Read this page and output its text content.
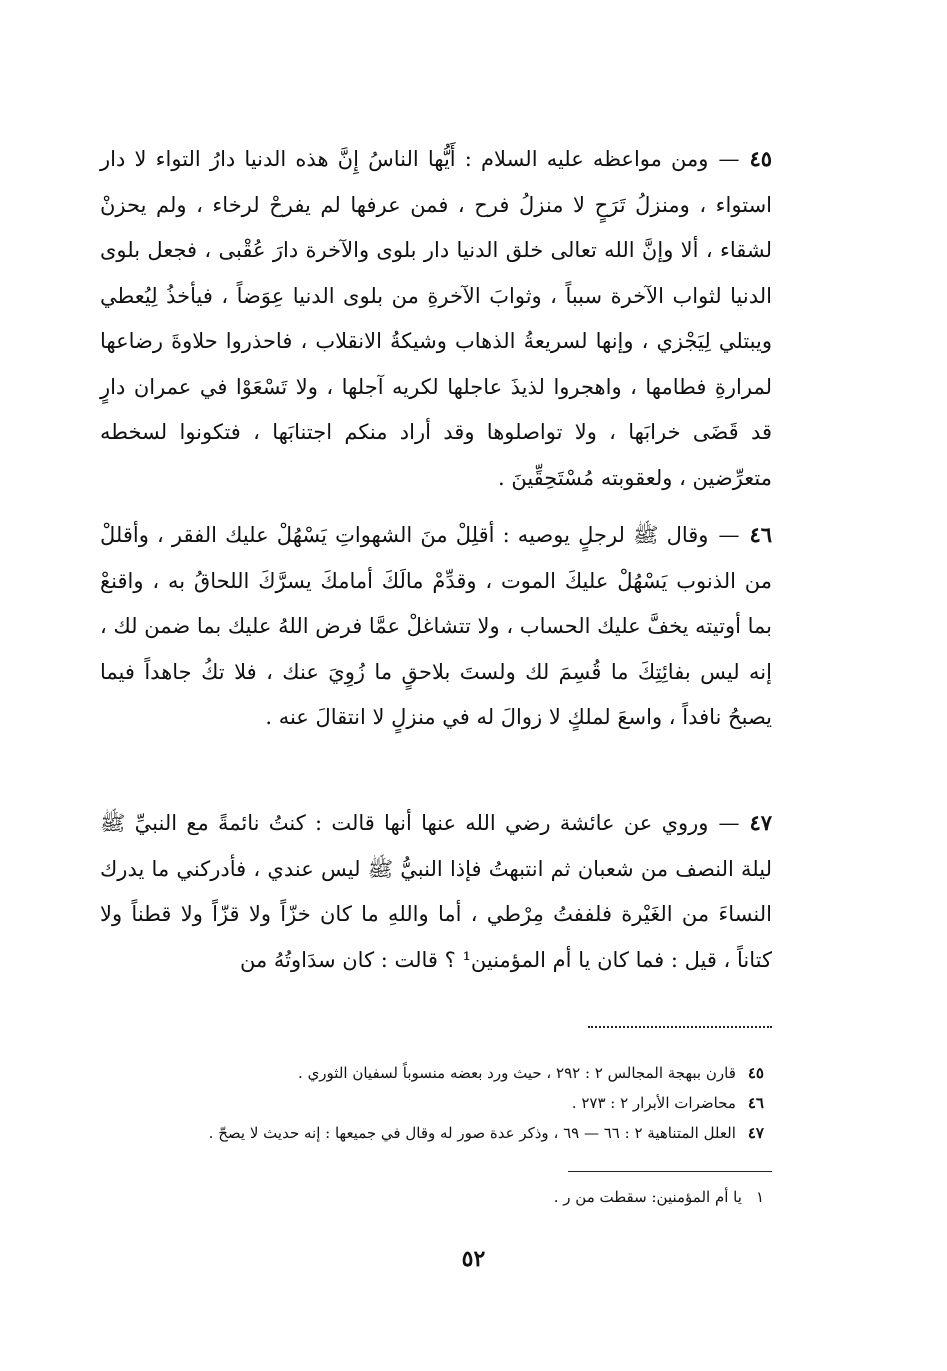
٤٥—ومن مواعظه عليه السلام : أَيُّها الناسُ إِنَّ هذه الدنيا دارُ التواء لا دار استواء ، ومنزلُ تَرَحٍ لا منزلُ فرح ، فمن عرفها لم يفرحْ لرخاء ، ولم يحزنْ لشقاء ، ألا وإنَّ الله تعالى خلق الدنيا دار بلوى والآخرة دارَ عُقْبى ، فجعل بلوى الدنيا لثواب الآخرة سبباً ، وثوابَ الآخرةِ من بلوى الدنيا عِوَضاً ، فيأخذُ لِيُعطي ويبتلي لِيَجْزي ، وإنها لسريعةُ الذهاب وشيكةُ الانقلاب ، فاحذروا حلاوةَ رضاعها لمرارةِ فطامها ، واهجروا لذيذَ عاجلها لكريه آجلها ، ولا تَسْعَوْا في عمران دارٍ قد قَضَى خرابَها ، ولا تواصلوها وقد أراد منكم اجتنابَها ، فتكونوا لسخطه متعرِّضين ، ولعقوبته مُسْتَحِقِّينَ .

٤٦—وقال ﷺ لرجلٍ يوصيه : أقلِلْ منَ الشهواتِ يَسْهُلْ عليك الفقر ، وأقللْ من الذنوب يَسْهُلْ عليكَ الموت ، وقدِّمْ مالَكَ أمامكَ يسرَّكَ اللحاقُ به ، واقنعْ بما أوتيته يخفَّ عليك الحساب ، ولا تتشاغلْ عمَّا فرض اللهُ عليك بما ضمن لك ، إنه ليس بفائِتِكَ ما قُسِمَ لك ولستَ بلاحقٍ ما زُوِيَ عنك ، فلا تكُ جاهداً فيما يصبحُ نافداً ، واسعَ لملكٍ لا زوالَ له في منزلٍ لا انتقالَ عنه .

٤٧—وروي عن عائشة رضي الله عنها أنها قالت : كنتُ نائمةً مع النبيِّ ﷺ ليلة النصف من شعبان ثم انتبهتُ فإذا النبيُّ ﷺ ليس عندي ، فأدركني ما يدرك النساءَ من الغَيْرة فلففتُ مِرْطي ، أما واللهِ ما كان خزّاً ولا قزّاً ولا قطناً ولا كتاناً ، قيل : فما كان يا أم المؤمنين¹ ؟ قالت : كان سدَاوتُهُ من

٤٥قارن ببهجة المجالس ٢ : ٢٩٢ ، حيث ورد بعضه منسوباً لسفيان الثوري .

٤٦محاضرات الأبرار ٢ : ٢٧٣ .

٤٧العلل المتناهية ٢ : ٦٦ — ٦٩ ، وذكر عدة صور له وقال في جميعها : إنه حديث لا يصحّ .

١يا أم المؤمنين: سقطت من ر .
٥٢
